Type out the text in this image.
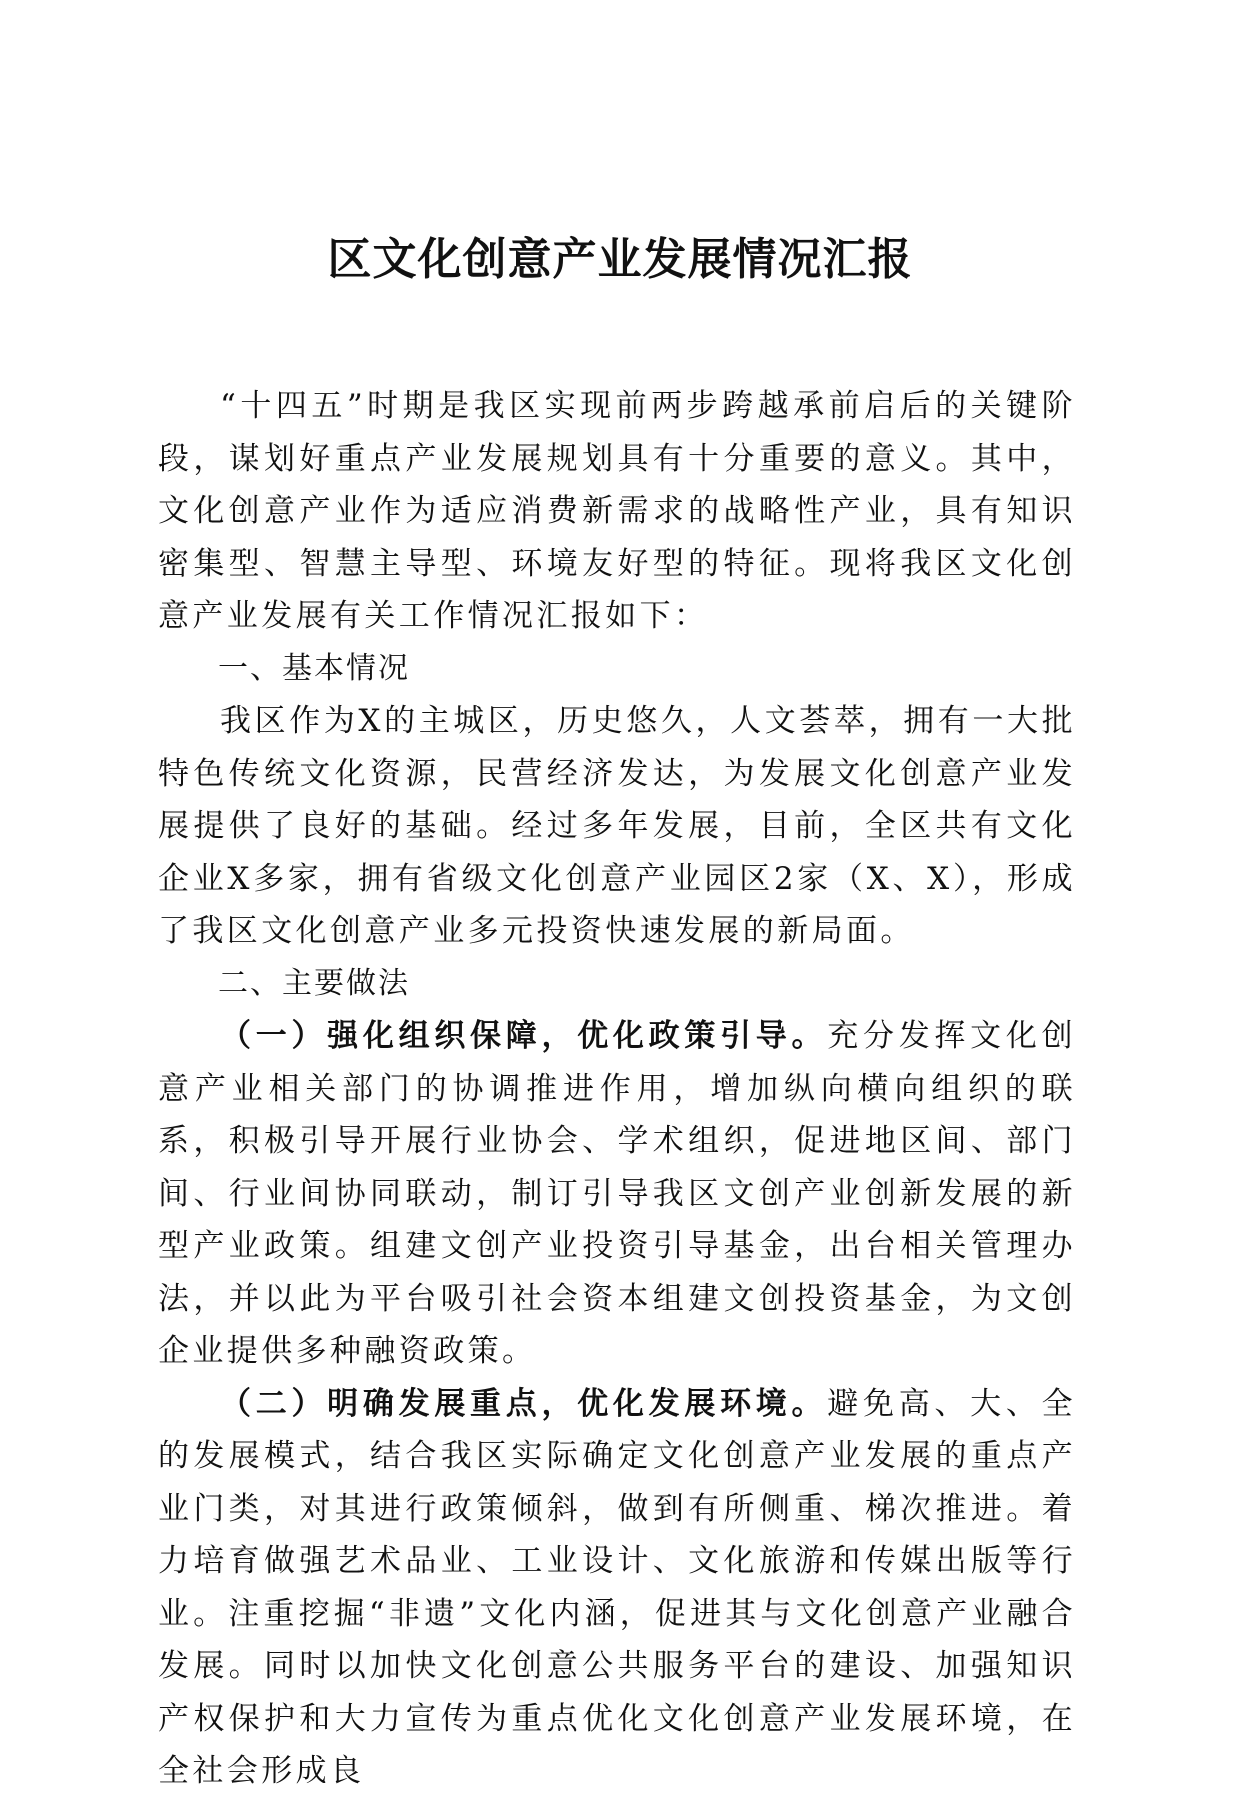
区文化创意产业发展情况汇报

“十四五”时期是我区实现前两步跨越承前启后的关键阶段，谋划好重点产业发展规划具有十分重要的意义。其中，文化创意产业作为适应消费新需求的战略性产业，具有知识密集型、智慧主导型、环境友好型的特征。现将我区文化创意产业发展有关工作情况汇报如下：

一、基本情况

我区作为X的主城区，历史悠久，人文荟萃，拥有一大批特色传统文化资源，民营经济发达，为发展文化创意产业发展提供了良好的基础。经过多年发展，目前，全区共有文化企业X多家，拥有省级文化创意产业园区2家（X、X），形成了我区文化创意产业多元投资快速发展的新局面。

二、主要做法

（一）强化组织保障，优化政策引导。充分发挥文化创意产业相关部门的协调推进作用，增加纵向横向组织的联系，积极引导开展行业协会、学术组织，促进地区间、部门间、行业间协同联动，制订引导我区文创产业创新发展的新型产业政策。组建文创产业投资引导基金，出台相关管理办法，并以此为平台吸引社会资本组建文创投资基金，为文创企业提供多种融资政策。

（二）明确发展重点，优化发展环境。避免高、大、全的发展模式，结合我区实际确定文化创意产业发展的重点产业门类，对其进行政策倾斜，做到有所侧重、梯次推进。着力培育做强艺术品业、工业设计、文化旅游和传媒出版等行业。注重挖掘“非遗”文化内涵，促进其与文化创意产业融合发展。同时以加快文化创意公共服务平台的建设、加强知识产权保护和大力宣传为重点优化文化创意产业发展环境，在全社会形成良
